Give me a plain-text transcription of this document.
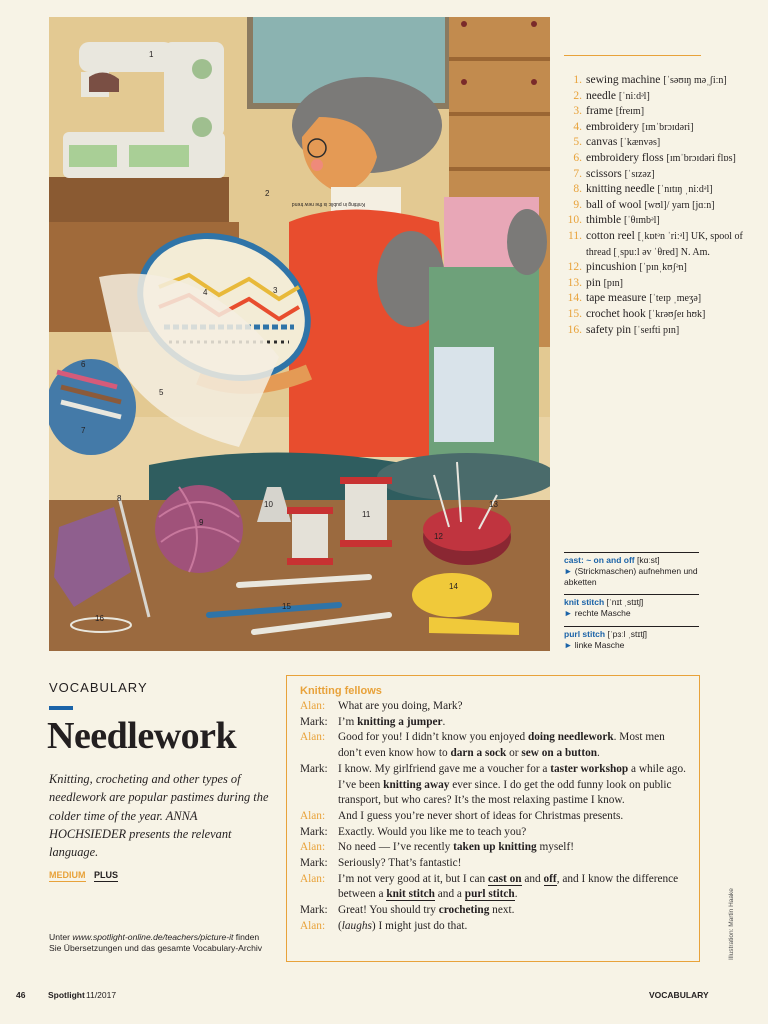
1
2
3
4
5
6
7
8
9
10
11
12
13
14
15
16
Knitting in public is the new trend
1. sewing machine [ˈsəʊɪŋ məˌʃiːn]
2. needle [ˈniːdᵊl]
3. frame [freɪm]
4. embroidery [ɪmˈbrɔɪdəri]
5. canvas [ˈkænvəs]
6. embroidery floss [ɪmˈbrɔɪdəri flɒs]
7. scissors [ˈsɪzəz]
8. knitting needle [ˈnɪtɪŋ ˌniːdᵊl]
9. ball of wool [wʊl]/ yarn [jɑːn]
10. thimble [ˈθɪmbᵊl]
11. cotton reel [ˌkɒtᵊn ˈriːᵊl] UK, spool of thread [ˌspuːl əv ˈθred] N. Am.
12. pincushion [ˈpɪnˌkʊʃᵊn]
13. pin [pɪn]
14. tape measure [ˈteɪp ˌmeʒə]
15. crochet hook [ˈkrəʊʃeɪ hʊk]
16. safety pin [ˈseɪfti pɪn]
cast: ~ on and off [kɑːst]
► (Strickmaschen) aufnehmen und abketten
knit stitch [ˈnɪt ˌstɪtʃ]
► rechte Masche
purl stitch [ˈpɜːl ˌstɪtʃ]
► linke Masche
VOCABULARY
Needlework
Knitting, crocheting and other types of needlework are popular pastimes during the colder time of the year. ANNA HOCHSIEDER presents the relevant language.
MEDIUM PLUS
Unter www.spotlight-online.de/teachers/picture-it finden Sie Übersetzungen und das gesamte Vocabulary-Archiv
Knitting fellows
Alan:	What are you doing, Mark?
Mark: I’m knitting a jumper.
Alan:	Good for you! I didn’t know you enjoyed doing needlework. Most men don’t even know how to darn a sock or sew on a button.
Mark: I know. My girlfriend gave me a voucher for a taster workshop a while ago. I’ve been knitting away ever since. I do get the odd funny look on public transport, but who cares? It’s the most relaxing pastime I know.
Alan:	And I guess you’re never short of ideas for Christmas presents.
Mark: Exactly. Would you like me to teach you?
Alan:	No need — I’ve recently taken up knitting myself!
Mark: Seriously? That’s fantastic!
Alan:	I’m not very good at it, but I can cast on and off, and I know the difference between a knit stitch and a purl stitch.
Mark: Great! You should try crocheting next.
Alan:	(laughs) I might just do that.	Illustration: Martin Haake
46	Spotlight 11/2017	VOCABULARY
